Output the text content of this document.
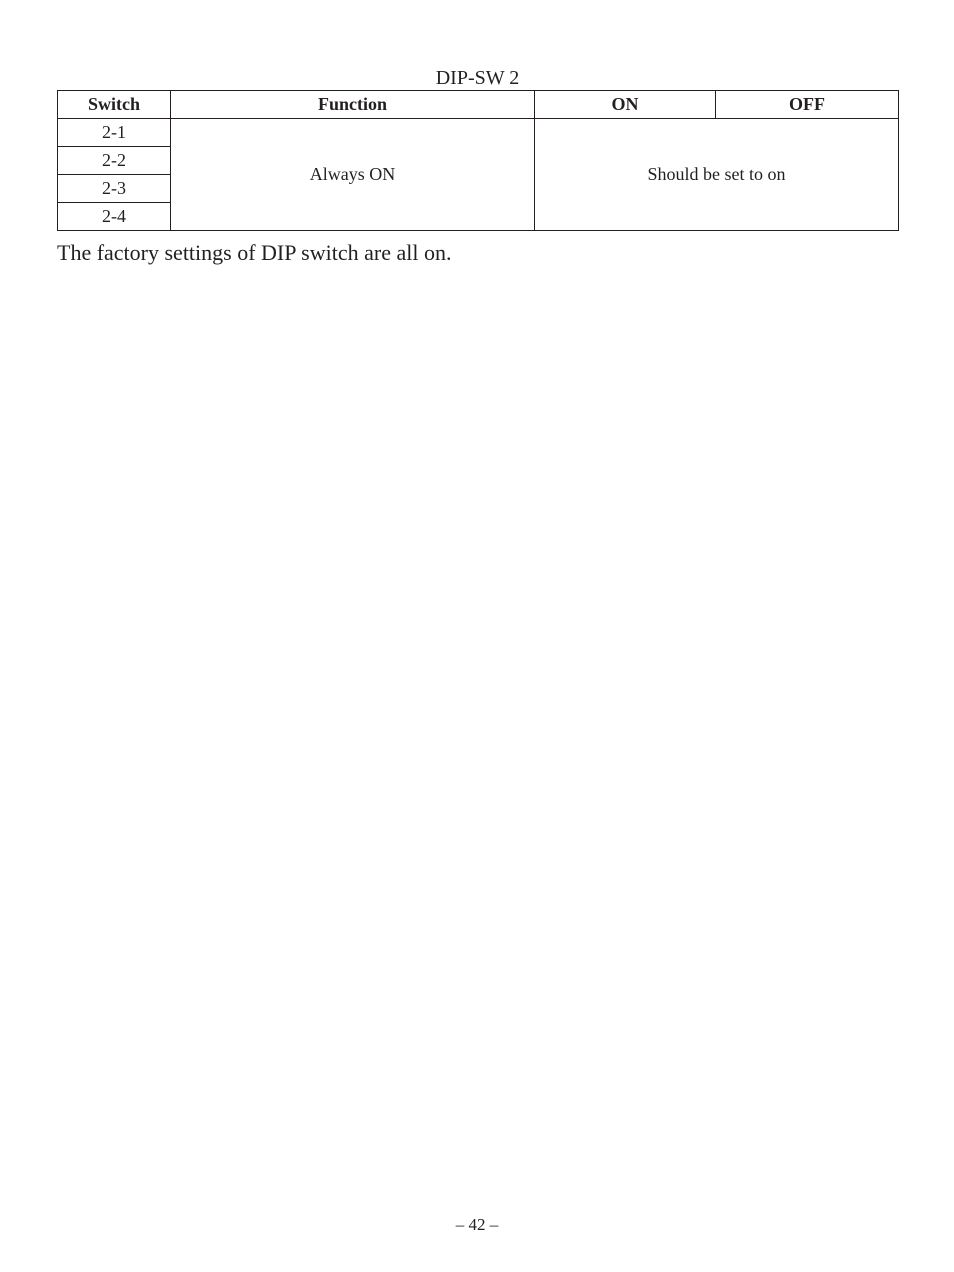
DIP-SW 2
Switch	Function	ON	OFF
2-1	Always ON	Should be set to on	
2-2			
2-3			
2-4			
The factory settings of DIP switch are all on.
– 42 –
